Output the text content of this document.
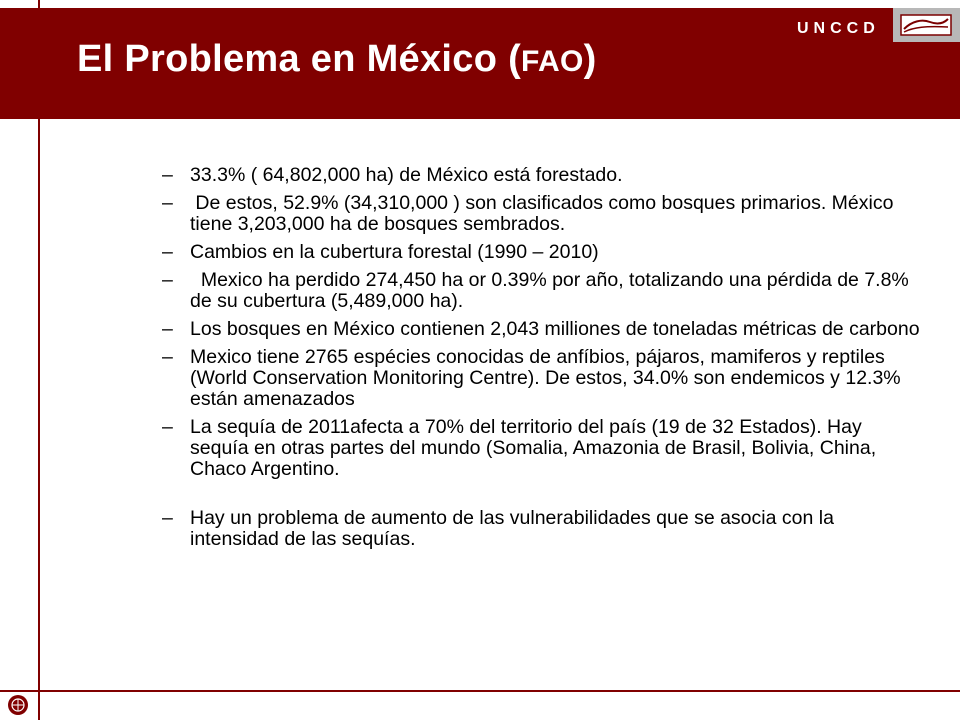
El Problema en México (FAO)
UNCCD
– 33.3% ( 64,802,000 ha) de México está forestado.
– De estos, 52.9% (34,310,000 ) son clasificados como bosques primarios. México tiene 3,203,000 ha de bosques sembrados.
– Cambios en la cubertura forestal (1990 – 2010)
– Mexico ha perdido 274,450 ha or 0.39% por año, totalizando una pérdida de 7.8% de su cubertura (5,489,000 ha).
– Los bosques en México contienen 2,043 milliones de toneladas métricas de carbono
– Mexico tiene 2765 espécies conocidas de anfíbios, pájaros, mamiferos y reptiles (World Conservation Monitoring Centre). De estos, 34.0% son endemicos y 12.3% están amenazados
– La sequía de 2011afecta a 70% del territorio del país (19 de 32 Estados). Hay sequía en otras partes del mundo (Somalia, Amazonia de Brasil, Bolivia, China, Chaco Argentino.
– Hay un problema de aumento de las vulnerabilidades que se asocia con la intensidad de las sequías.
